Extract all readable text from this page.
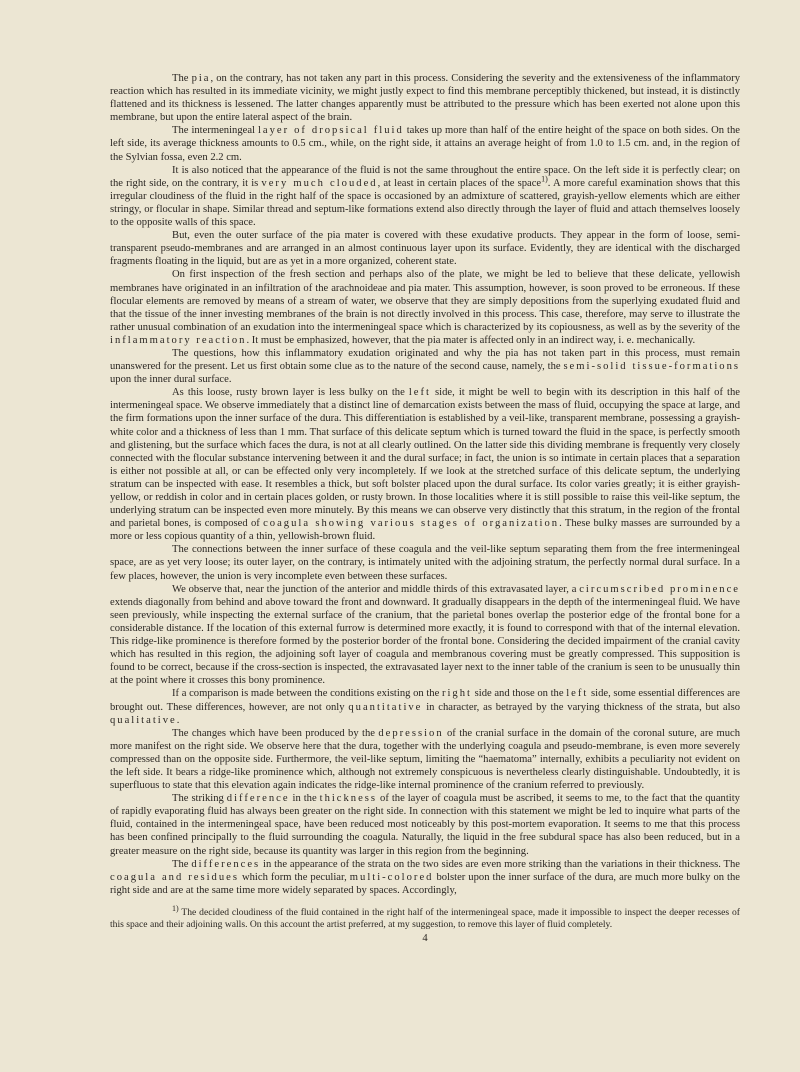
The pia, on the contrary, has not taken any part in this process. Considering the severity and the extensiveness of the inflammatory reaction which has resulted in its immediate vicinity, we might justly expect to find this membrane perceptibly thickened, but instead, it is distinctly flattened and its thickness is lessened. The latter changes apparently must be attributed to the pressure which has been exerted not alone upon this membrane, but upon the entire lateral aspect of the brain.

The intermeningeal layer of dropsical fluid takes up more than half of the entire height of the space on both sides. On the left side, its average thickness amounts to 0.5 cm., while, on the right side, it attains an average height of from 1.0 to 1.5 cm. and, in the region of the Sylvian fossa, even 2.2 cm.

It is also noticed that the appearance of the fluid is not the same throughout the entire space. On the left side it is perfectly clear; on the right side, on the contrary, it is very much clouded, at least in certain places of the space$^{1)}$. A more careful examination shows that this irregular cloudiness of the fluid in the right half of the space is occasioned by an admixture of scattered, grayish-yellow elements which are either stringy, or flocular in shape. Similar thread and septum-like formations extend also directly through the layer of fluid and attach themselves loosely to the opposite walls of this space.

But, even the outer surface of the pia mater is covered with these exudative products. They appear in the form of loose, semi-transparent pseudo-membranes and are arranged in an almost continuous layer upon its surface. Evidently, they are identical with the discharged fragments floating in the liquid, but are as yet in a more organized, coherent state.

On first inspection of the fresh section and perhaps also of the plate, we might be led to believe that these delicate, yellowish membranes have originated in an infiltration of the arachnoideae and pia mater. This assumption, however, is soon proved to be erroneous. If these flocular elements are removed by means of a stream of water, we observe that they are simply depositions from the superlying exudated fluid and that the tissue of the inner investing membranes of the brain is not directly involved in this process. This case, therefore, may serve to illustrate the rather unusual combination of an exudation into the intermeningeal space which is characterized by its copiousness, as well as by the severity of the inflammatory reaction. It must be emphasized, however, that the pia mater is affected only in an indirect way, i. e. mechanically.

The questions, how this inflammatory exudation originated and why the pia has not taken part in this process, must remain unanswered for the present. Let us first obtain some clue as to the nature of the second cause, namely, the semi-solid tissue-formations upon the inner dural surface.

As this loose, rusty brown layer is less bulky on the left side, it might be well to begin with its description in this half of the intermeningeal space. We observe immediately that a distinct line of demarcation exists between the mass of fluid, occupying the space at large, and the firm formations upon the inner surface of the dura. This differentiation is established by a veil-like, transparent membrane, possessing a grayish-white color and a thickness of less than 1 mm. That surface of this delicate septum which is turned toward the fluid in the space, is perfectly smooth and glistening, but the surface which faces the dura, is not at all clearly outlined. On the latter side this dividing membrane is frequently very closely connected with the flocular substance intervening between it and the dural surface; in fact, the union is so intimate in certain places that a separation is either not possible at all, or can be effected only very incompletely. If we look at the stretched surface of this delicate septum, the underlying stratum can be inspected with ease. It resembles a thick, but soft bolster placed upon the dural surface. Its color varies greatly; it is either grayish-yellow, or reddish in color and in certain places golden, or rusty brown. In those localities where it is still possible to raise this veil-like septum, the underlying stratum can be inspected even more minutely. By this means we can observe very distinctly that this stratum, in the region of the frontal and parietal bones, is composed of coagula showing various stages of organization. These bulky masses are surrounded by a more or less copious quantity of a thin, yellowish-brown fluid.

The connections between the inner surface of these coagula and the veil-like septum separating them from the free intermeningeal space, are as yet very loose; its outer layer, on the contrary, is intimately united with the adjoining stratum, the perfectly normal dural surface. In a few places, however, the union is very incomplete even between these surfaces.

We observe that, near the junction of the anterior and middle thirds of this extravasated layer, a circumscribed prominence extends diagonally from behind and above toward the front and downward. It gradually disappears in the depth of the intermeningeal fluid. We have seen previously, while inspecting the external surface of the cranium, that the parietal bones overlap the posterior edge of the frontal bone for a considerable distance. If the location of this external furrow is determined more exactly, it is found to correspond with that of the internal elevation. This ridge-like prominence is therefore formed by the posterior border of the frontal bone. Considering the decided impairment of the cranial cavity which has resulted in this region, the adjoining soft layer of coagula and membranous covering must be greatly compressed. This supposition is found to be correct, because if the cross-section is inspected, the extravasated layer next to the inner table of the cranium is seen to be unusually thin at the point where it crosses this bony prominence.

If a comparison is made between the conditions existing on the right side and those on the left side, some essential differences are brought out. These differences, however, are not only quantitative in character, as betrayed by the varying thickness of the strata, but also qualitative.

The changes which have been produced by the depression of the cranial surface in the domain of the coronal suture, are much more manifest on the right side. We observe here that the dura, together with the underlying coagula and pseudo-membrane, is even more severely compressed than on the opposite side. Furthermore, the veil-like septum, limiting the “haematoma” internally, exhibits a peculiarity not evident on the left side. It bears a ridge-like prominence which, although not extremely conspicuous is nevertheless clearly distinguishable. Undoubtedly, it is superfluous to state that this elevation again indicates the ridge-like internal prominence of the cranium referred to previously.

The striking difference in the thickness of the layer of coagula must be ascribed, it seems to me, to the fact that the quantity of rapidly evaporating fluid has always been greater on the right side. In connection with this statement we might be led to inquire what parts of the fluid, contained in the intermeningeal space, have been reduced most noticeably by this post-mortem evaporation. It seems to me that this process has been confined principally to the fluid surrounding the coagula. Naturally, the liquid in the free subdural space has also been reduced, but in a greater measure on the right side, because its quantity was larger in this region from the beginning.

The differences in the appearance of the strata on the two sides are even more striking than the variations in their thickness. The coagula and residues which form the peculiar, multi-colored bolster upon the inner surface of the dura, are much more bulky on the right side and are at the same time more widely separated by spaces. Accordingly,

$^{1)}$ The decided cloudiness of the fluid contained in the right half of the intermeningeal space, made it impossible to inspect the deeper recesses of this space and their adjoining walls. On this account the artist preferred, at my suggestion, to remove this layer of fluid completely.

4
